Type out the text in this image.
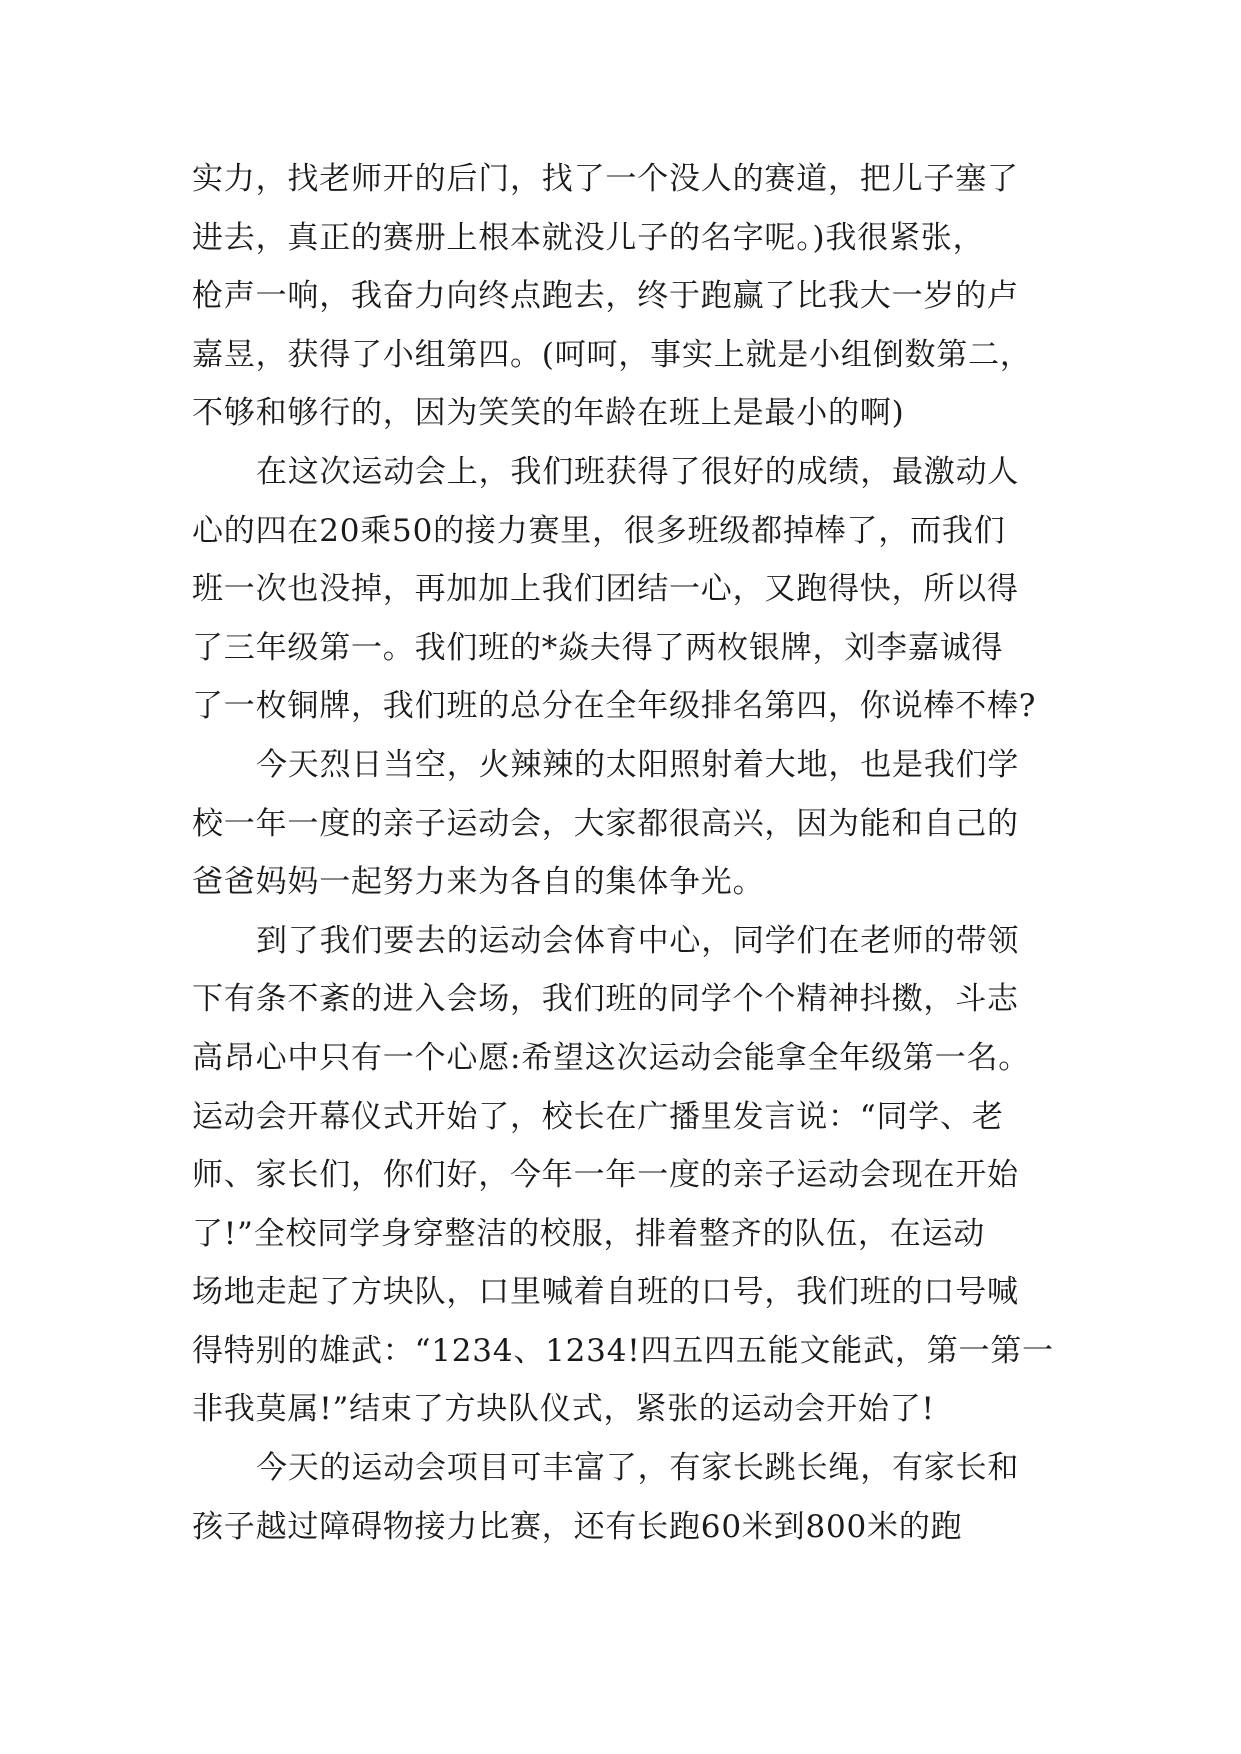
实力，找老师开的后门，找了一个没人的赛道，把儿子塞了
进去，真正的赛册上根本就没儿子的名字呢。)我很紧张，
枪声一响，我奋力向终点跑去，终于跑赢了比我大一岁的卢
嘉昱，获得了小组第四。(呵呵，事实上就是小组倒数第二，
不够和够行的，因为笑笑的年龄在班上是最小的啊)
在这次运动会上，我们班获得了很好的成绩，最激动人
心的四在20乘50的接力赛里，很多班级都掉棒了，而我们
班一次也没掉，再加加上我们团结一心，又跑得快，所以得
了三年级第一。我们班的*焱夫得了两枚银牌，刘李嘉诚得
了一枚铜牌，我们班的总分在全年级排名第四，你说棒不棒?
今天烈日当空，火辣辣的太阳照射着大地，也是我们学
校一年一度的亲子运动会，大家都很高兴，因为能和自己的
爸爸妈妈一起努力来为各自的集体争光。
到了我们要去的运动会体育中心，同学们在老师的带领
下有条不紊的进入会场，我们班的同学个个精神抖擞，斗志
高昂心中只有一个心愿:希望这次运动会能拿全年级第一名。
运动会开幕仪式开始了，校长在广播里发言说：“同学、老
师、家长们，你们好，今年一年一度的亲子运动会现在开始
了!”全校同学身穿整洁的校服，排着整齐的队伍，在运动
场地走起了方块队，口里喊着自班的口号，我们班的口号喊
得特别的雄武：“1234、1234!四五四五能文能武，第一第一
非我莫属!”结束了方块队仪式，紧张的运动会开始了!
今天的运动会项目可丰富了，有家长跳长绳，有家长和
孩子越过障碍物接力比赛，还有长跑60米到800米的跑
